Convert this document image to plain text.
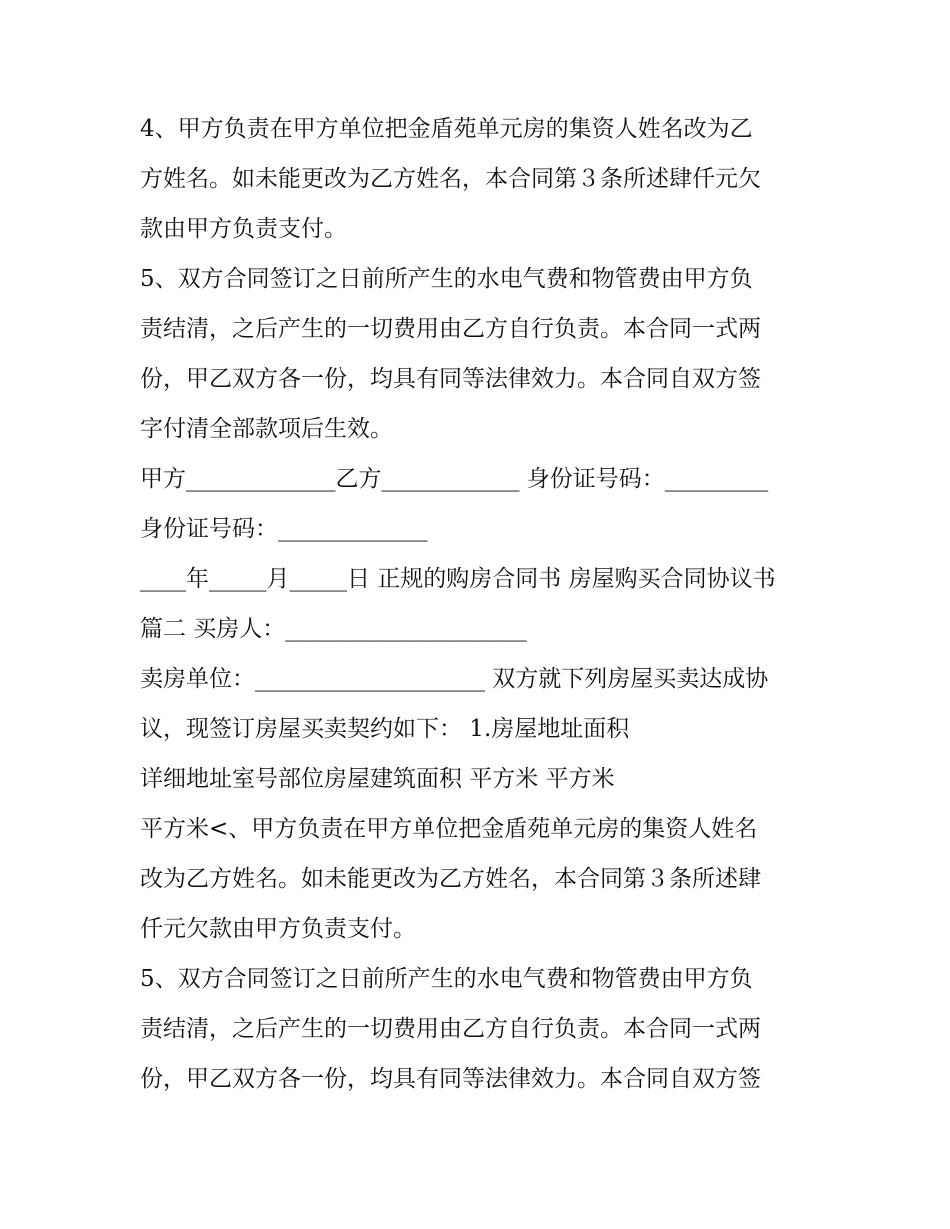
4、甲方负责在甲方单位把金盾苑单元房的集资人姓名改为乙
方姓名。如未能更改为乙方姓名，本合同第３条所述肆仟元欠
款由甲方负责支付。
5、双方合同签订之日前所产生的水电气费和物管费由甲方负
责结清，之后产生的一切费用由乙方自行负责。本合同一式两
份，甲乙双方各一份，均具有同等法律效力。本合同自双方签
字付清全部款项后生效。
甲方_____________乙方____________ 身份证号码：_________
身份证号码：_____________
____年_____月_____日 正规的购房合同书 房屋购买合同协议书
篇二 买房人：_____________________
卖房单位：____________________ 双方就下列房屋买卖达成协
议，现签订房屋买卖契约如下： 1.房屋地址面积
详细地址室号部位房屋建筑面积 平方米 平方米
平方米<、甲方负责在甲方单位把金盾苑单元房的集资人姓名
改为乙方姓名。如未能更改为乙方姓名，本合同第３条所述肆
仟元欠款由甲方负责支付。
5、双方合同签订之日前所产生的水电气费和物管费由甲方负
责结清，之后产生的一切费用由乙方自行负责。本合同一式两
份，甲乙双方各一份，均具有同等法律效力。本合同自双方签
